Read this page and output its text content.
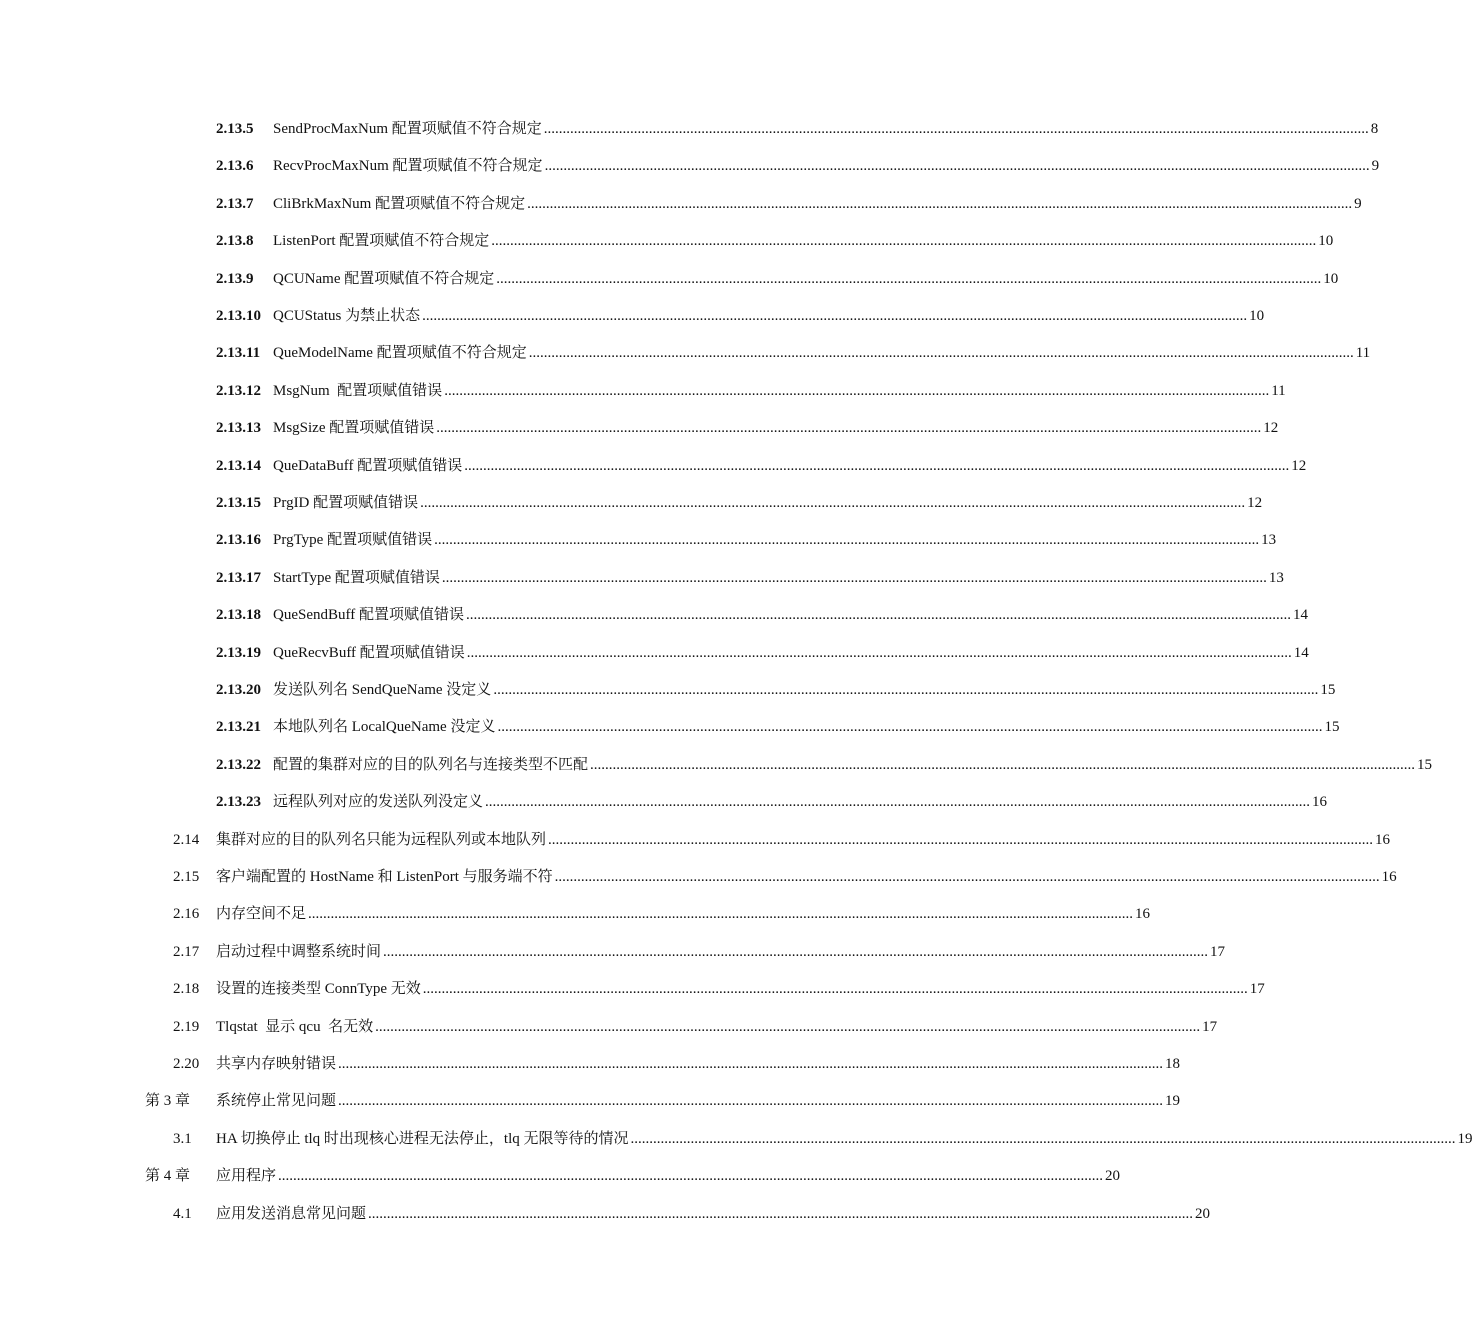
2.13.5 SendProcMaxNum 配置项赋值不符合规定 ............................................................................................................................................................................................................................ 8
2.13.6 RecvProcMaxNum 配置项赋值不符合规定 ............................................................................................................................................................................................................................ 9
2.13.7 CliBrkMaxNum 配置项赋值不符合规定 ............................................................................................................................................................................................................................ 9
2.13.8 ListenPort 配置项赋值不符合规定 ............................................................................................................................................................................................................................ 10
2.13.9 QCUName 配置项赋值不符合规定 ............................................................................................................................................................................................................................ 10
2.13.10 QCUStatus 为禁止状态 ............................................................................................................................................................................................................................ 10
2.13.11 QueModelName 配置项赋值不符合规定 ............................................................................................................................................................................................................................ 11
2.13.12 MsgNum  配置项赋值错误 ............................................................................................................................................................................................................................ 11
2.13.13 MsgSize 配置项赋值错误 ............................................................................................................................................................................................................................ 12
2.13.14 QueDataBuff 配置项赋值错误 ............................................................................................................................................................................................................................ 12
2.13.15 PrgID 配置项赋值错误 ............................................................................................................................................................................................................................ 12
2.13.16 PrgType 配置项赋值错误 ............................................................................................................................................................................................................................ 13
2.13.17 StartType 配置项赋值错误 ............................................................................................................................................................................................................................ 13
2.13.18 QueSendBuff 配置项赋值错误 ............................................................................................................................................................................................................................ 14
2.13.19 QueRecvBuff 配置项赋值错误 ............................................................................................................................................................................................................................ 14
2.13.20 发送队列名 SendQueName 没定义 ............................................................................................................................................................................................................................ 15
2.13.21 本地队列名 LocalQueName 没定义 ............................................................................................................................................................................................................................ 15
2.13.22 配置的集群对应的目的队列名与连接类型不匹配 ............................................................................................................................................................................................................................ 15
2.13.23 远程队列对应的发送队列没定义 ............................................................................................................................................................................................................................ 16
2.14 集群对应的目的队列名只能为远程队列或本地队列 ............................................................................................................................................................................................................................ 16
2.15 客户端配置的 HostName 和 ListenPort 与服务端不符 ............................................................................................................................................................................................................................ 16
2.16 内存空间不足 ............................................................................................................................................................................................................................ 16
2.17 启动过程中调整系统时间 ............................................................................................................................................................................................................................ 17
2.18 设置的连接类型 ConnType 无效 ............................................................................................................................................................................................................................ 17
2.19 Tlqstat  显示 qcu  名无效 ............................................................................................................................................................................................................................ 17
2.20 共享内存映射错误 ............................................................................................................................................................................................................................ 18
第 3 章 系统停止常见问题 ............................................................................................................................................................................................................................ 19
3.1 HA 切换停止 tlq 时出现核心进程无法停止，tlq 无限等待的情况 ............................................................................................................................................................................................................................ 19
第 4 章 应用程序 ............................................................................................................................................................................................................................ 20
4.1 应用发送消息常见问题 ............................................................................................................................................................................................................................ 20
